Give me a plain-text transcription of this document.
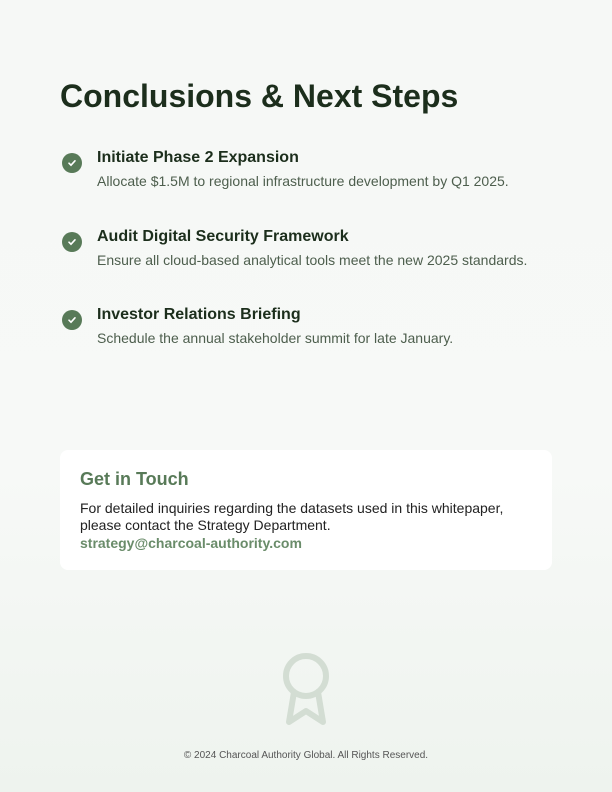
Conclusions & Next Steps
Initiate Phase 2 Expansion
Allocate $1.5M to regional infrastructure development by Q1 2025.
Audit Digital Security Framework
Ensure all cloud-based analytical tools meet the new 2025 standards.
Investor Relations Briefing
Schedule the annual stakeholder summit for late January.
Get in Touch

For detailed inquiries regarding the datasets used in this whitepaper, please contact the Strategy Department.

strategy@charcoal-authority.com
© 2024 Charcoal Authority Global. All Rights Reserved.
